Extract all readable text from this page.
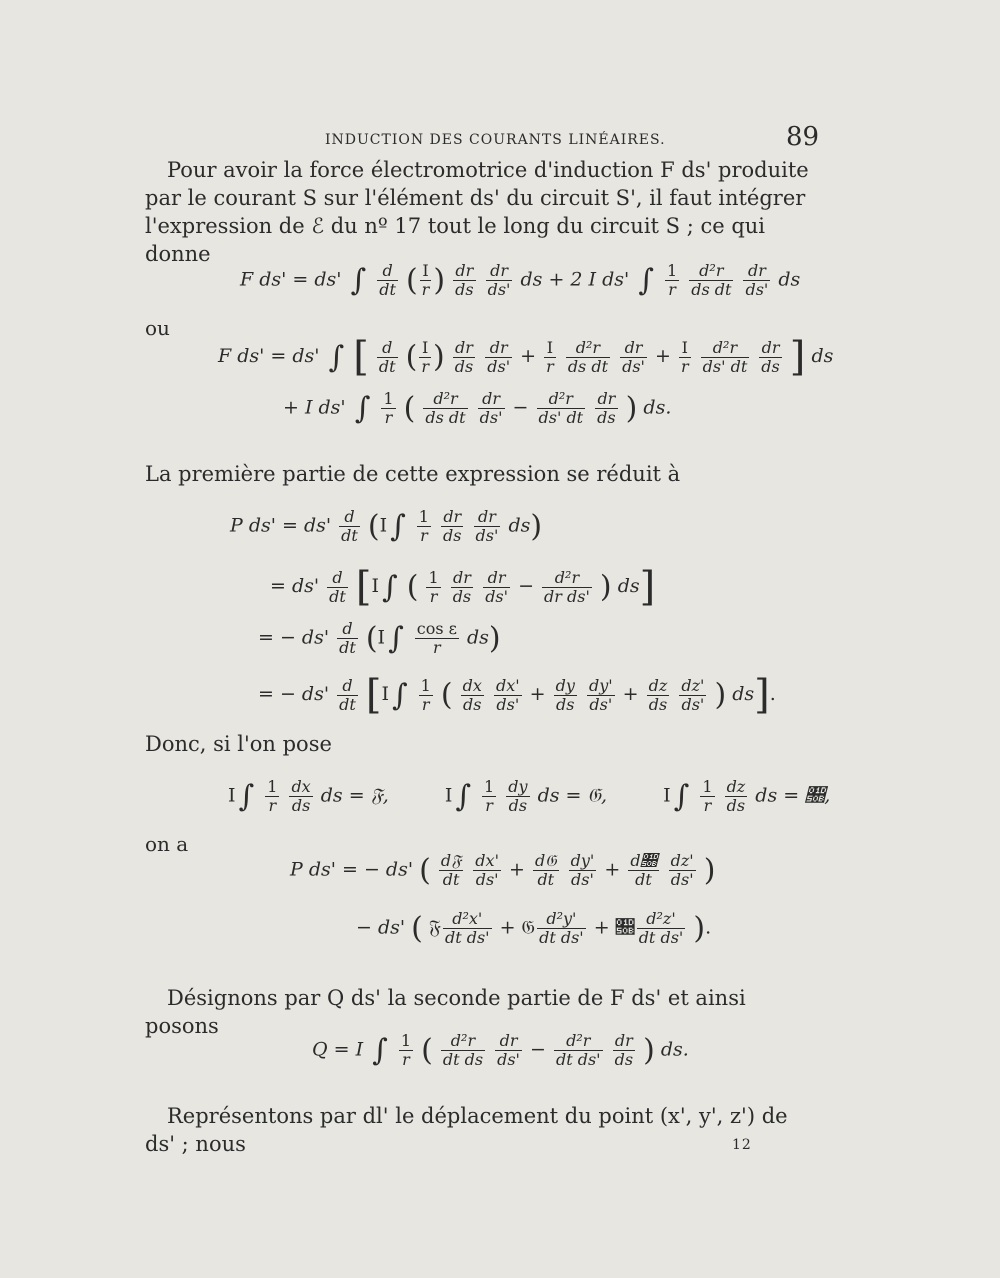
INDUCTION DES COURANTS LINÉAIRES.	89
Pour avoir la force électromotrice d'induction F ds' produite par le courant S sur l'élément ds' du circuit S', il faut intégrer l'expression de ℰ du nº 17 tout le long du circuit S ; ce qui donne
F ds' = ds' ∫ $\frac{d}{dt}$ ( $\frac{I}{r}$ ) $\frac{dr}{ds}$
$\frac{dr}{ds'}$ ds + 2 I ds' ∫ $\frac{1}{r}$
$\frac{\text{d²r}}{\text{ds dt}}$
$\frac{dr}{ds'}$ ds
ou
F ds' = ds' ∫ [ $\frac{d}{dt}$ ( $\frac{I}{r}$ ) $\frac{dr}{ds}$
$\frac{dr}{ds'} + \frac{I}{r}$
$\frac{\text{d²r}}{\text{ds dt}}$
$\frac{dr}{ds'} + \frac{I}{r}$
$\frac{\text{d²r}}{ds' dt}$
$\frac{dr}{ds}$ ] ds
+ I ds' ∫ $\frac{1}{r}$ ( $\frac{\text{d²r}}{\text{ds dt}}$
$\frac{dr}{ds'} - \frac{\text{d²r}}{ds' dt}$
$\frac{dr}{ds}$ ) ds.
La première partie de cette expression se réduit à
P $ds' = ds' \frac{d}{dt} (I$ ∫ $\frac{1}{r}$
$\frac{dr}{ds}$
$\frac{dr}{ds'} ds$)
= $ds' \frac{d}{dt} [I$ ∫ ( $\frac{1}{r}$
$\frac{dr}{ds}$
$\frac{dr}{ds'} - \frac{\text{d²r}}{\text{dr ds'}}$ ) ds]
= − $ds' \frac{d}{dt} (I$ ∫ $\frac{\text{cos ε}}{r} ds$)
= − $ds' \frac{d}{dt} [I$ ∫ $\frac{1}{r}$ ( $\frac{dx}{ds}$
$\frac{dx'}{ds'} + \frac{dy}{ds}$
$\frac{dy'}{ds'} + \frac{dz}{ds}$
$\frac{dz'}{ds'}$ ) ds].
Donc, si l'on pose
I ∫ $\frac{1}{r}$
$\frac{dx}{ds}$ ds = 𝔉,	I ∫ $\frac{1}{r}$
$\frac{dy}{ds}$ ds = 𝔊,	I ∫ $\frac{1}{r}$
$\frac{dz}{ds}$ ds = 𝔋,
on a
P ds' = − ds' ( $\frac{\text{d𝔉}}{dt}$
$\frac{dx'}{ds'} + \frac{\text{d𝔊}}{dt}$
$\frac{dy'}{ds'} + \frac{d𝔋}{dt}$
$\frac{dz'}{ds'}$ )
− ds' ( 𝔉 $\frac{\text{d²x'}}{\text{dt ds'}}$ + 𝔊 $\frac{\text{d²y'}}{\text{dt ds'}}$ + 𝔋 $\frac{\text{d²z'}}{\text{dt ds'}}$ ).
Désignons par Q ds' la seconde partie de F ds' et ainsi posons
Q = I ∫ $\frac{1}{r}$ ( $\frac{\text{d²r}}{\text{dt ds}}$
$\frac{dr}{ds'} - \frac{\text{d²r}}{\text{dt ds'}}$
$\frac{dr}{ds}$ ) ds.
Représentons par dl' le déplacement du point (x', y', z') de ds' ; nous	12
